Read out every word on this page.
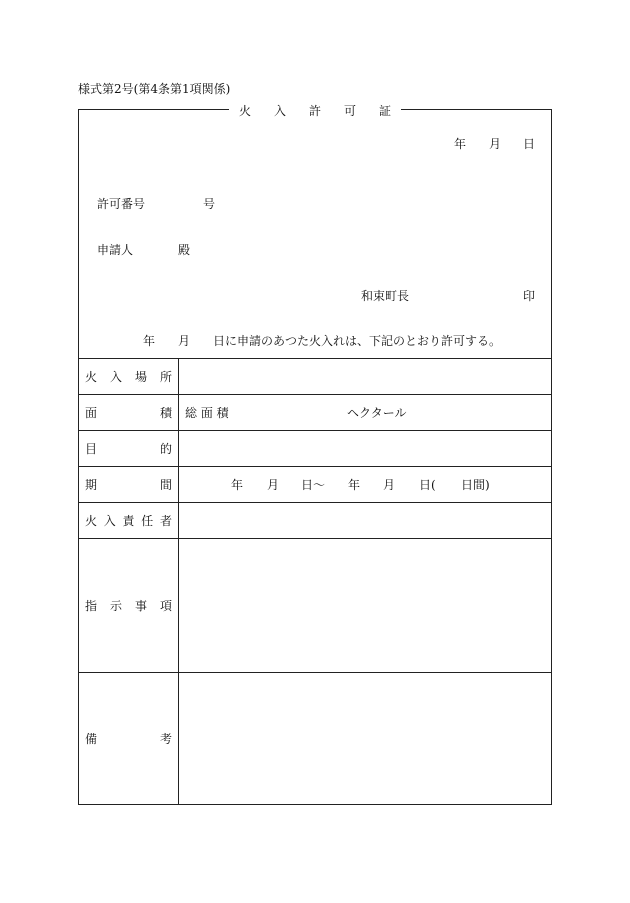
様式第2号(第4条第1項関係)
火 入 許 可 証
年 月 日
許可番号	号
申請人	殿
和束町長	印
年 月 日に申請のあつた火入れは、下記のとおり許可する。
火 入 場 所
面	積 総 面 積	ヘクタール
目	的
期	間	年 月 日〜 年 月 日( 日間)
火 入 責 任 者
指 示 事 項
備	考
